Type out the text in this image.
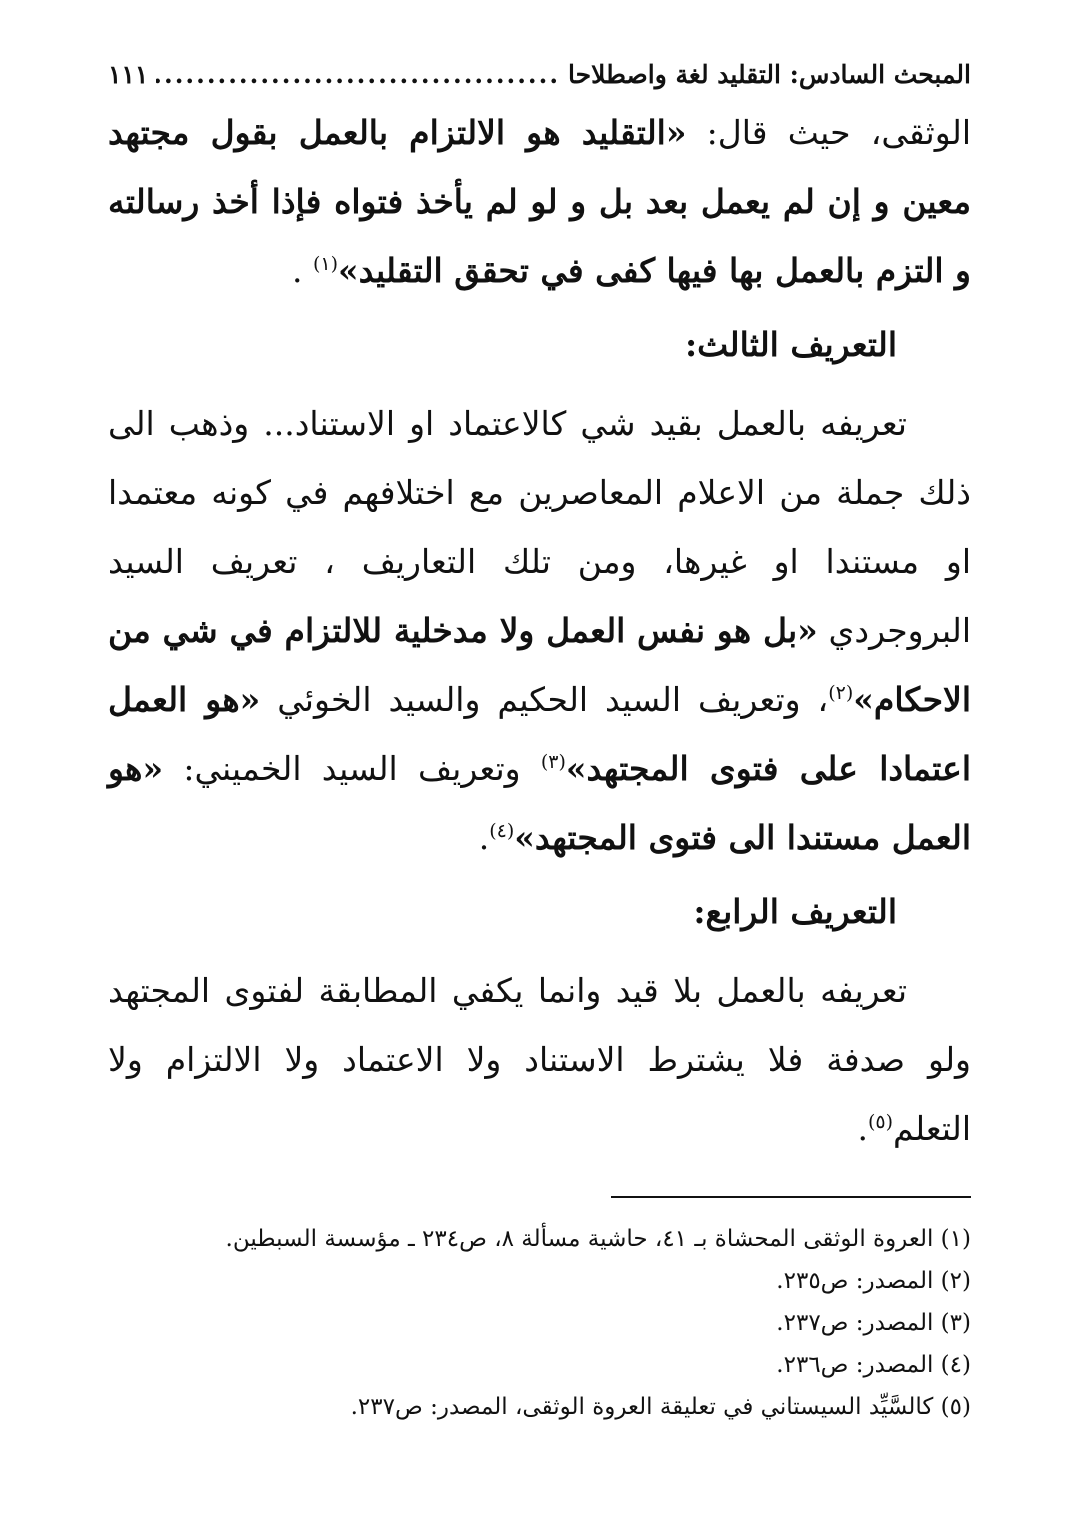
المبحث السادس: التقليد لغة واصطلاحا
.....
١١١

الوثقى، حيث قال: «التقليد هو الالتزام بالعمل بقول مجتهد معين و إن لم يعمل بعد بل و لو لم يأخذ فتواه فإذا أخذ رسالته و التزم بالعمل بها فيها كفى في تحقق التقليد»$^{(١)}$ .

التعريف الثالث:

تعريفه بالعمل بقيد شي كالاعتماد او الاستناد... وذهب الى ذلك جملة من الاعلام المعاصرين مع اختلافهم في كونه معتمدا او مستندا او غيرها، ومن تلك التعاريف ، تعريف السيد البروجردي «بل هو نفس العمل ولا مدخلية للالتزام في شي من الاحكام»$^{(٢)}$، وتعريف السيد الحكيم والسيد الخوئي «هو العمل اعتمادا على فتوى المجتهد»$^{(٣)}$ وتعريف السيد الخميني: «هو العمل مستندا الى فتوى المجتهد»$^{(٤)}$.

التعريف الرابع:

تعريفه بالعمل بلا قيد وانما يكفي المطابقة لفتوى المجتهد ولو صدفة فلا يشترط الاستناد ولا الاعتماد ولا الالتزام ولا التعلم$^{(٥)}$.

(١) العروة الوثقى المحشاة بـ ٤١، حاشية مسألة ٨، ص٢٣٤ ـ مؤسسة السبطين.

(٢) المصدر: ص٢٣٥.

(٣) المصدر: ص٢٣٧.

(٤) المصدر: ص٢٣٦.

(٥) كالسَّيِّد السيستاني في تعليقة العروة الوثقى، المصدر: ص٢٣٧.
